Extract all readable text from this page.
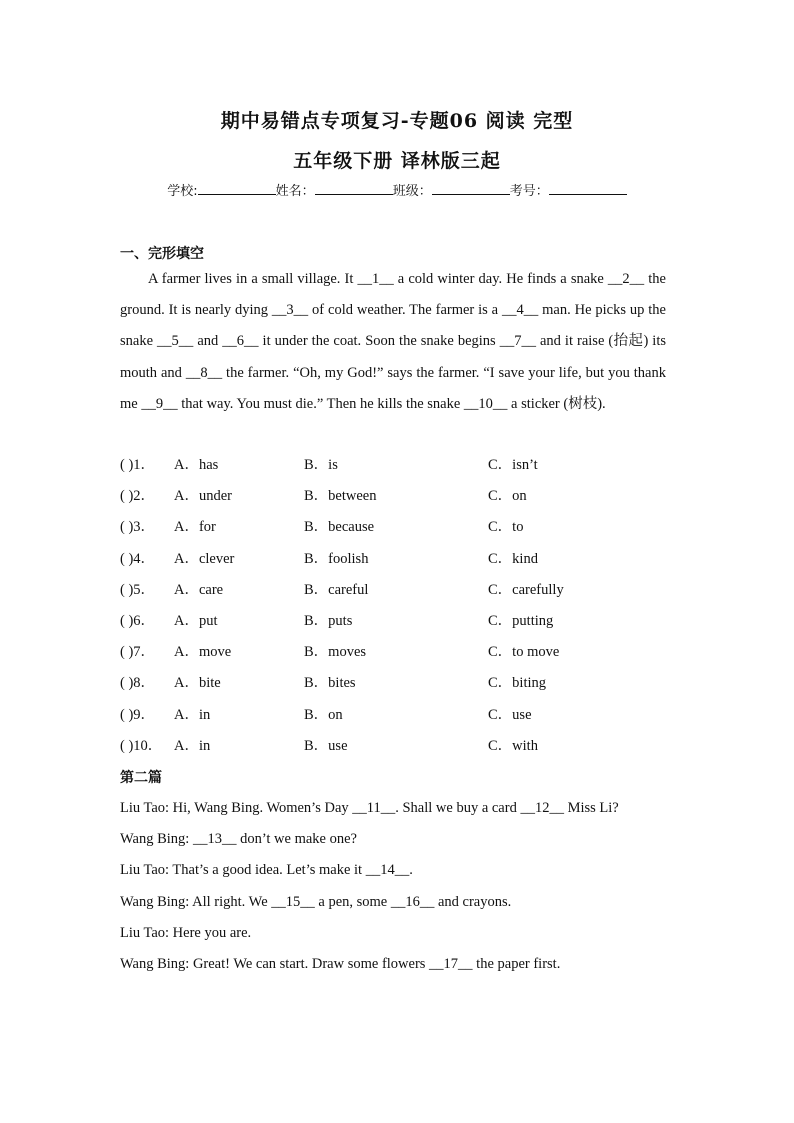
期中易错点专项复习-专题06 阅读 完型
五年级下册 译林版三起
学校:	姓名：	班级：	考号：
一、完形填空

A farmer lives in a small village. It __1__ a cold winter day. He finds a snake __2__ the ground. It is nearly dying __3__ of cold weather. The farmer is a __4__ man. He picks up the snake __5__ and __6__ it under the coat. Soon the snake begins __7__ and it raise (抬起) its mouth and __8__ the farmer. “Oh, my God!” says the farmer. “I save your life, but you thank me __9__ that way. You must die.” Then he kills the snake __10__ a sticker (树枝).

( )1． A．has	B．is	C．isn’t
( )2． A．under	B．between	C．on
( )3． A．for	B．because	C．to
( )4． A．clever	B．foolish	C．kind
( )5． A．care	B．careful	C．carefully
( )6． A．put	B．puts	C．putting
( )7． A．move	B．moves	C．to move
( )8． A．bite	B．bites	C．biting
( )9． A．in	B．on	C．use
( )10． A．in	B．use	C．with
第二篇

Liu Tao: Hi, Wang Bing. Women’s Day __11__. Shall we buy a card __12__ Miss Li?

Wang Bing: __13__ don’t we make one?

Liu Tao: That’s a good idea. Let’s make it __14__.

Wang Bing: All right. We __15__ a pen, some __16__ and crayons.

Liu Tao: Here you are.

Wang Bing: Great! We can start. Draw some flowers __17__ the paper first.
